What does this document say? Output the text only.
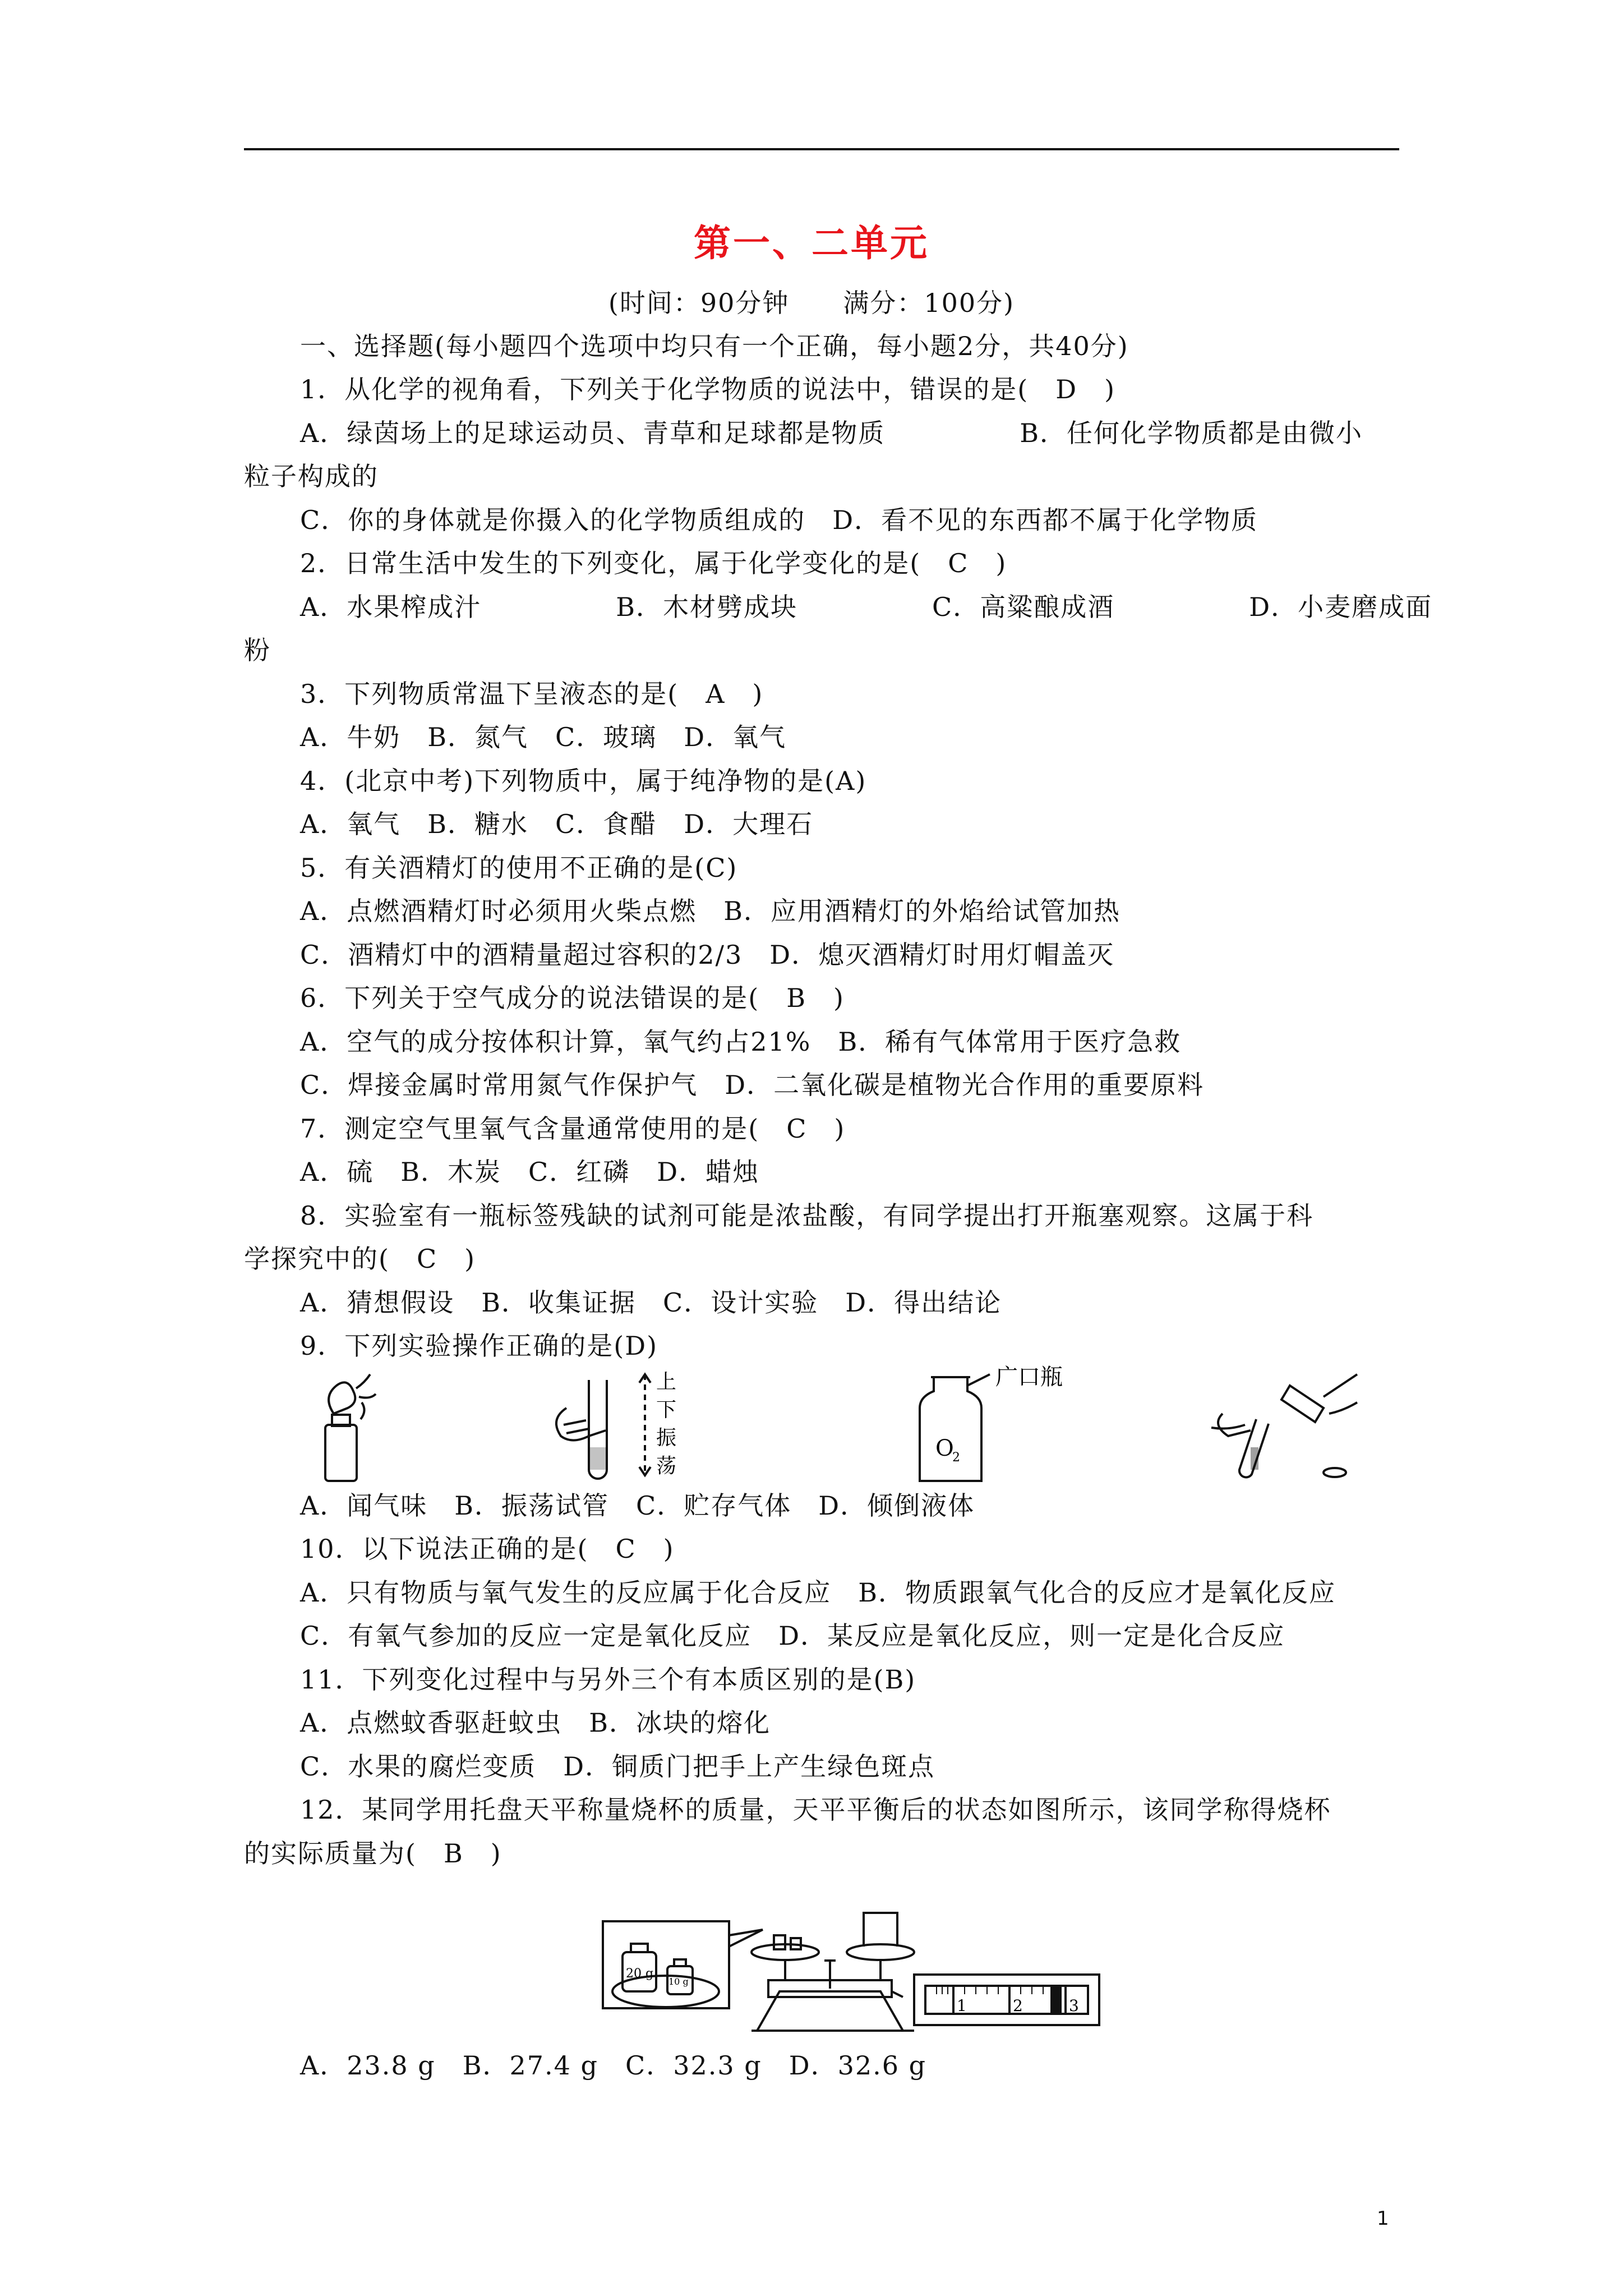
第一、二单元
(时间：90分钟　　满分：100分)
一、选择题(每小题四个选项中均只有一个正确，每小题2分，共40分)
1．从化学的视角看，下列关于化学物质的说法中，错误的是(　D　)
A．绿茵场上的足球运动员、青草和足球都是物质　　　　　B．任何化学物质都是由微小
粒子构成的
C．你的身体就是你摄入的化学物质组成的　D．看不见的东西都不属于化学物质
2．日常生活中发生的下列变化，属于化学变化的是(　C　)
A．水果榨成汁　　　　　B．木材劈成块　　　　　C．高粱酿成酒　　　　　D．小麦磨成面
粉
3．下列物质常温下呈液态的是(　A　)
A．牛奶　B．氮气　C．玻璃　D．氧气
4．(北京中考)下列物质中，属于纯净物的是(A)
A．氧气　B．糖水　C．食醋　D．大理石
5．有关酒精灯的使用不正确的是(C)
A．点燃酒精灯时必须用火柴点燃　B．应用酒精灯的外焰给试管加热
C．酒精灯中的酒精量超过容积的2/3　D．熄灭酒精灯时用灯帽盖灭
6．下列关于空气成分的说法错误的是(　B　)
A．空气的成分按体积计算，氧气约占21%　B．稀有气体常用于医疗急救
C．焊接金属时常用氮气作保护气　D．二氧化碳是植物光合作用的重要原料
7．测定空气里氧气含量通常使用的是(　C　)
A．硫　B．木炭　C．红磷　D．蜡烛
8．实验室有一瓶标签残缺的试剂可能是浓盐酸，有同学提出打开瓶塞观察。这属于科
学探究中的(　C　)
A．猜想假设　B．收集证据　C．设计实验　D．得出结论
9．下列实验操作正确的是(D)
广口瓶
O
2
上
下
振
荡
A．闻气味　B．振荡试管　C．贮存气体　D．倾倒液体
10．以下说法正确的是(　C　)
A．只有物质与氧气发生的反应属于化合反应　B．物质跟氧气化合的反应才是氧化反应
C．有氧气参加的反应一定是氧化反应　D．某反应是氧化反应，则一定是化合反应
11．下列变化过程中与另外三个有本质区别的是(B)
A．点燃蚊香驱赶蚊虫　B．冰块的熔化
C．水果的腐烂变质　D．铜质门把手上产生绿色斑点
12．某同学用托盘天平称量烧杯的质量，天平平衡后的状态如图所示，该同学称得烧杯
的实际质量为(　B　)
20 g
10 g
1	2	3
A．23.8 g　B．27.4 g　C．32.3 g　D．32.6 g
1
